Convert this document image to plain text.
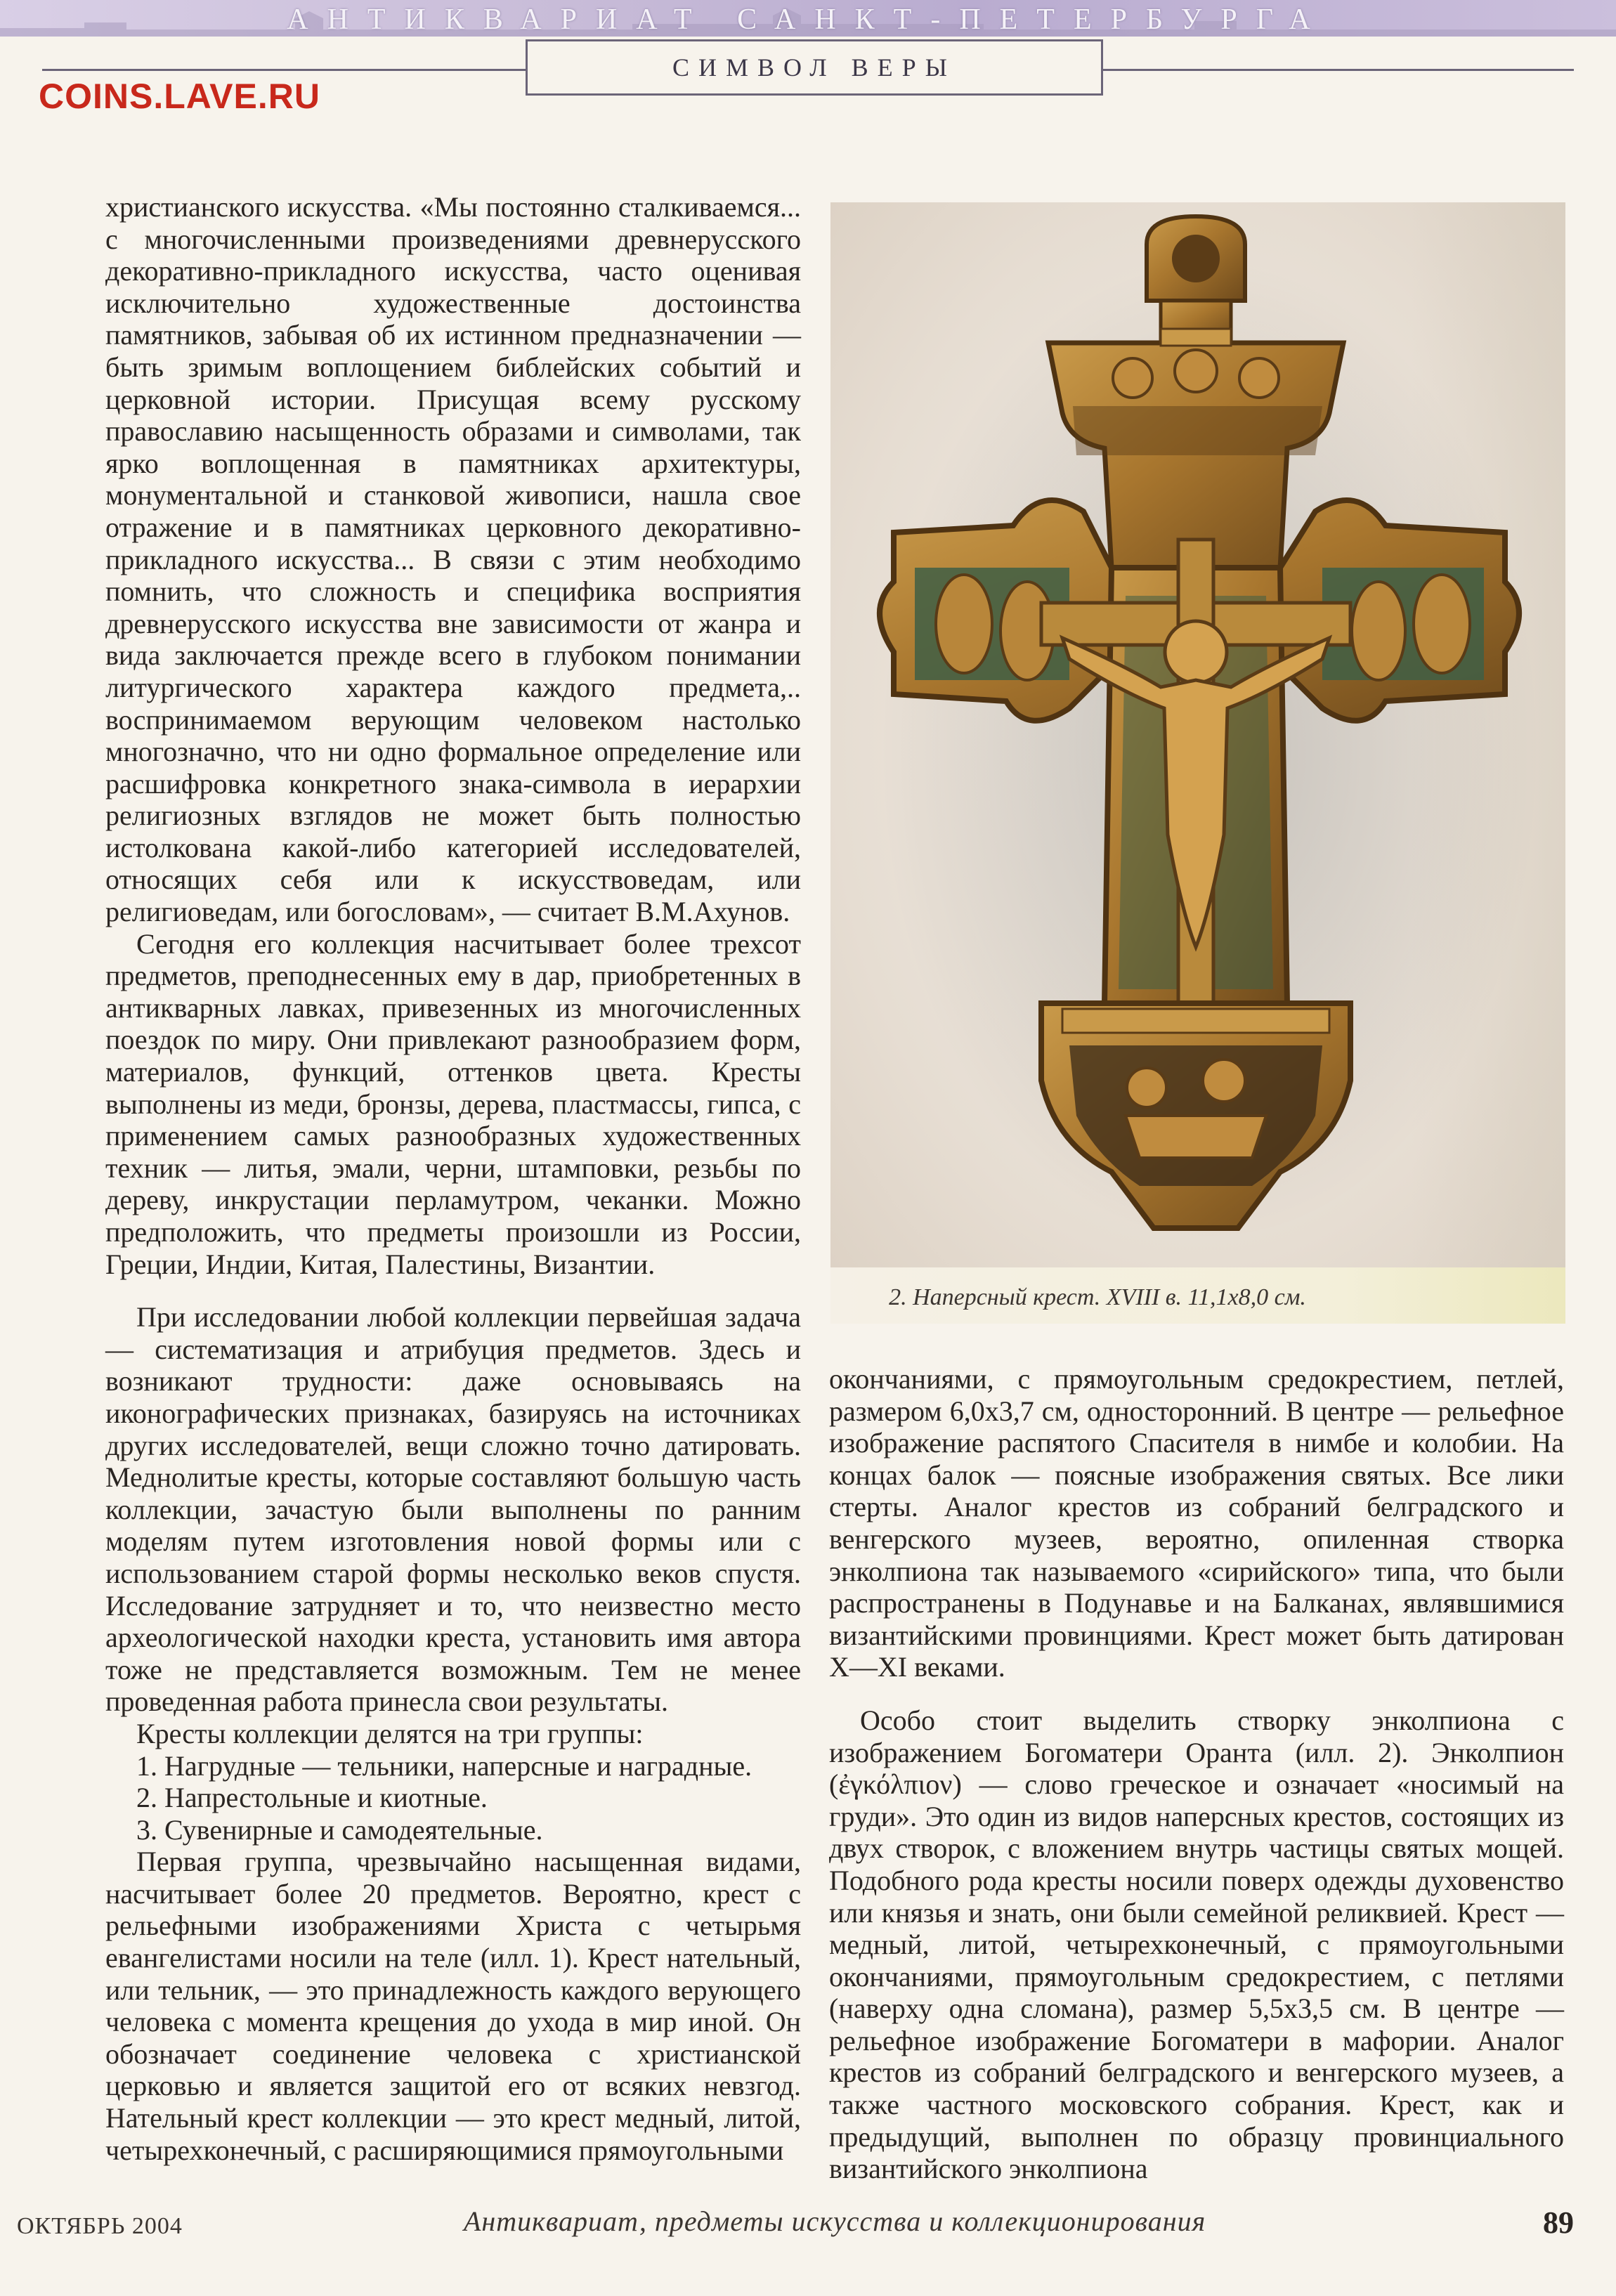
АНТИКВАРИАТ САНКТ-ПЕТЕРБУРГА
СИМВОЛ ВЕРЫ
COINS.LAVE.RU

христианского искусства. «Мы постоянно сталкиваемся... с многочисленными произведениями древнерусского декоративно-прикладного искусства, часто оценивая исключительно художественные достоинства памятников, забывая об их истинном предназначении — быть зримым воплощением библейских событий и церковной истории. Присущая всему русскому православию насыщенность образами и символами, так ярко воплощенная в памятниках архитектуры, монументальной и станковой живописи, нашла свое отражение и в памятниках церковного декоративно-прикладного искусства... В связи с этим необходимо помнить, что сложность и специфика восприятия древнерусского искусства вне зависимости от жанра и вида заключается прежде всего в глубоком понимании литургического характера каждого предмета,.. воспринимаемом верующим человеком настолько многозначно, что ни одно формальное определение или расшифровка конкретного знака-символа в иерархии религиозных взглядов не может быть полностью истолкована какой-либо категорией исследователей, относящих себя или к искусствоведам, или религиоведам, или богословам», — считает В.М.Ахунов.

Сегодня его коллекция насчитывает более трехсот предметов, преподнесенных ему в дар, приобретенных в антикварных лавках, привезенных из многочисленных поездок по миру. Они привлекают разнообразием форм, материалов, функций, оттенков цвета. Кресты выполнены из меди, бронзы, дерева, пластмассы, гипса, с применением самых разнообразных художественных техник — литья, эмали, черни, штамповки, резьбы по дереву, инкрустации перламутром, чеканки. Можно предположить, что предметы произошли из России, Греции, Индии, Китая, Палестины, Византии.

При исследовании любой коллекции первейшая задача — систематизация и атрибуция предметов. Здесь и возникают трудности: даже основываясь на иконографических признаках, базируясь на источниках других исследователей, вещи сложно точно датировать. Меднолитые кресты, которые составляют большую часть коллекции, зачастую были выполнены по ранним моделям путем изготовления новой формы или с использованием старой формы несколько веков спустя. Исследование затрудняет и то, что неизвестно место археологической находки креста, установить имя автора тоже не представляется возможным. Тем не менее проведенная работа принесла свои результаты.

Кресты коллекции делятся на три группы:

1. Нагрудные — тельники, наперсные и наградные.

2. Напрестольные и киотные.

3. Сувенирные и самодеятельные.

Первая группа, чрезвычайно насыщенная видами, насчитывает более 20 предметов. Вероятно, крест с рельефными изображениями Христа с четырьмя евангелистами носили на теле (илл. 1). Крест нательный, или тельник, — это принадлежность каждого верующего человека с момента крещения до ухода в мир иной. Он обозначает соединение человека с христианской церковью и является защитой его от всяких невзгод. Нательный крест коллекции — это крест медный, литой, четырехконечный, с расширяющимися прямоугольными

2. Наперсный крест. XVIII в. 11,1x8,0 см.

окончаниями, с прямоугольным средокрестием, петлей, размером 6,0x3,7 см, односторонний. В центре — рельефное изображение распятого Спасителя в нимбе и колобии. На концах балок — поясные изображения святых. Все лики стерты. Аналог крестов из собраний белградского и венгерского музеев, вероятно, опиленная створка энколпиона так называемого «сирийского» типа, что были распространены в Подунавье и на Балканах, являвшимися византийскими провинциями. Крест может быть датирован X—XI веками.

Особо стоит выделить створку энколпиона с изображением Богоматери Оранта (илл. 2). Энколпион (ἐγκόλπιον) — слово греческое и означает «носимый на груди». Это один из видов наперсных крестов, состоящих из двух створок, с вложением внутрь частицы святых мощей. Подобного рода кресты носили поверх одежды духовенство или князья и знать, они были семейной реликвией. Крест — медный, литой, четырехконечный, с прямоугольными окончаниями, прямоугольным средокрестием, с петлями (наверху одна сломана), размер 5,5x3,5 см. В центре — рельефное изображение Богоматери в мафории. Аналог крестов из собраний белградского и венгерского музеев, а также частного московского собрания. Крест, как и предыдущий, выполнен по образцу провинциального византийского энколпиона

ОКТЯБРЬ 2004	Антиквариат, предметы искусства и коллекционирования	89
